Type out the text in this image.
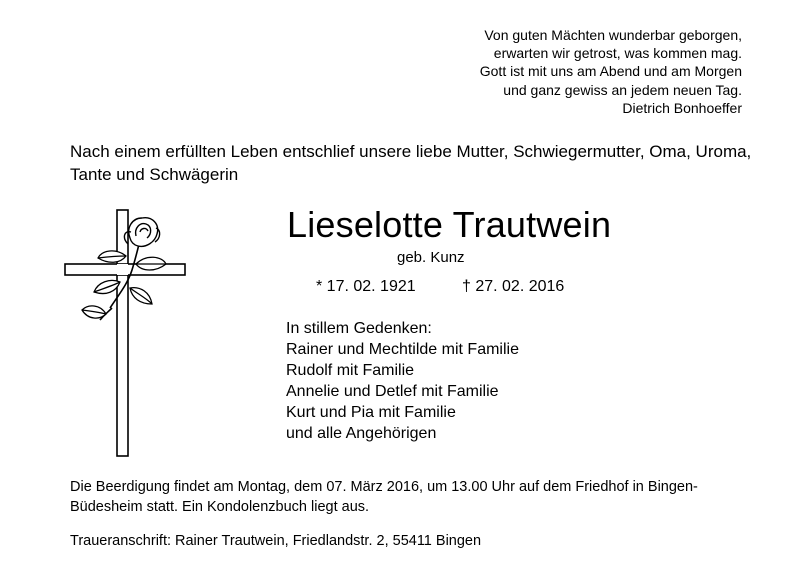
Von guten Mächten wunderbar geborgen,
erwarten wir getrost, was kommen mag.
Gott ist mit uns am Abend und am Morgen
und ganz gewiss an jedem neuen Tag.
Dietrich Bonhoeffer
Nach einem erfüllten Leben entschlief unsere liebe Mutter, Schwiegermutter, Oma, Uroma, Tante und Schwägerin
Lieselotte Trautwein
geb. Kunz
* 17. 02. 1921	† 27. 02. 2016
In stillem Gedenken:
Rainer und Mechtilde mit Familie
Rudolf mit Familie
Annelie und Detlef mit Familie
Kurt und Pia mit Familie
und alle Angehörigen
Die Beerdigung findet am Montag, dem 07. März 2016, um 13.00 Uhr auf dem Friedhof in Bingen-Büdesheim statt. Ein Kondolenzbuch liegt aus.
Traueranschrift: Rainer Trautwein, Friedlandstr. 2, 55411 Bingen
